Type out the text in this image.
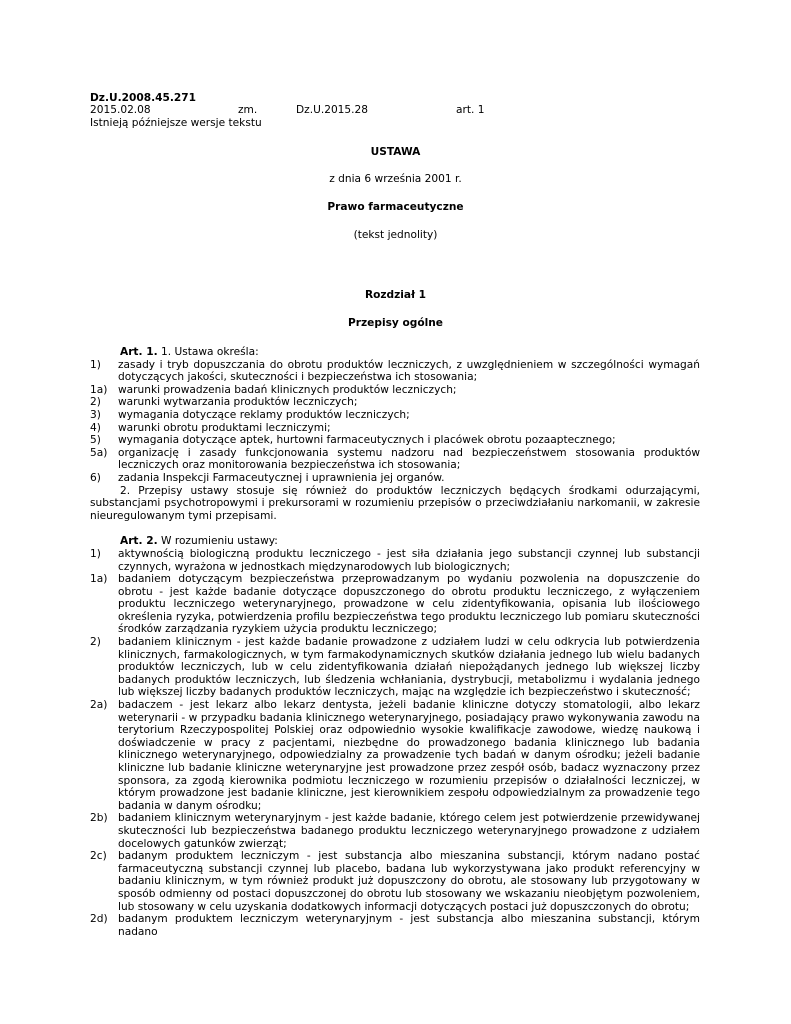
Dz.U.2008.45.271
2015.02.08	zm.	Dz.U.2015.28	art. 1
Istnieją późniejsze wersje tekstu
USTAWA
z dnia 6 września 2001 r.
Prawo farmaceutyczne
(tekst jednolity)
Rozdział 1
Przepisy ogólne
Art. 1. 1. Ustawa określa:
1)	zasady i tryb dopuszczania do obrotu produktów leczniczych, z uwzględnieniem w szczególności wymagań dotyczących jakości, skuteczności i bezpieczeństwa ich stosowania;
1a)	warunki prowadzenia badań klinicznych produktów leczniczych;
2)	warunki wytwarzania produktów leczniczych;
3)	wymagania dotyczące reklamy produktów leczniczych;
4)	warunki obrotu produktami leczniczymi;
5)	wymagania dotyczące aptek, hurtowni farmaceutycznych i placówek obrotu pozaaptecznego;
5a)	organizację i zasady funkcjonowania systemu nadzoru nad bezpieczeństwem stosowania produktów leczniczych oraz monitorowania bezpieczeństwa ich stosowania;
6)	zadania Inspekcji Farmaceutycznej i uprawnienia jej organów.
2. Przepisy ustawy stosuje się również do produktów leczniczych będących środkami odurzającymi, substancjami psychotropowymi i prekursorami w rozumieniu przepisów o przeciwdziałaniu narkomanii, w zakresie nieuregulowanym tymi przepisami.
Art. 2. W rozumieniu ustawy:
1)	aktywnością biologiczną produktu leczniczego - jest siła działania jego substancji czynnej lub substancji czynnych, wyrażona w jednostkach międzynarodowych lub biologicznych;
1a)	badaniem dotyczącym bezpieczeństwa przeprowadzanym po wydaniu pozwolenia na dopuszczenie do obrotu - jest każde badanie dotyczące dopuszczonego do obrotu produktu leczniczego, z wyłączeniem produktu leczniczego weterynaryjnego, prowadzone w celu zidentyfikowania, opisania lub ilościowego określenia ryzyka, potwierdzenia profilu bezpieczeństwa tego produktu leczniczego lub pomiaru skuteczności środków zarządzania ryzykiem użycia produktu leczniczego;
2)	badaniem klinicznym - jest każde badanie prowadzone z udziałem ludzi w celu odkrycia lub potwierdzenia klinicznych, farmakologicznych, w tym farmakodynamicznych skutków działania jednego lub wielu badanych produktów leczniczych, lub w celu zidentyfikowania działań niepożądanych jednego lub większej liczby badanych produktów leczniczych, lub śledzenia wchłaniania, dystrybucji, metabolizmu i wydalania jednego lub większej liczby badanych produktów leczniczych, mając na względzie ich bezpieczeństwo i skuteczność;
2a)	badaczem - jest lekarz albo lekarz dentysta, jeżeli badanie kliniczne dotyczy stomatologii, albo lekarz weterynarii - w przypadku badania klinicznego weterynaryjnego, posiadający prawo wykonywania zawodu na terytorium Rzeczypospolitej Polskiej oraz odpowiednio wysokie kwalifikacje zawodowe, wiedzę naukową i doświadczenie w pracy z pacjentami, niezbędne do prowadzonego badania klinicznego lub badania klinicznego weterynaryjnego, odpowiedzialny za prowadzenie tych badań w danym ośrodku; jeżeli badanie kliniczne lub badanie kliniczne weterynaryjne jest prowadzone przez zespół osób, badacz wyznaczony przez sponsora, za zgodą kierownika podmiotu leczniczego w rozumieniu przepisów o działalności leczniczej, w którym prowadzone jest badanie kliniczne, jest kierownikiem zespołu odpowiedzialnym za prowadzenie tego badania w danym ośrodku;
2b) badaniem klinicznym weterynaryjnym - jest każde badanie, którego celem jest potwierdzenie przewidywanej skuteczności lub bezpieczeństwa badanego produktu leczniczego weterynaryjnego prowadzone z udziałem docelowych gatunków zwierząt;
2c)	badanym produktem leczniczym - jest substancja albo mieszanina substancji, którym nadano postać farmaceutyczną substancji czynnej lub placebo, badana lub wykorzystywana jako produkt referencyjny w badaniu klinicznym, w tym również produkt już dopuszczony do obrotu, ale stosowany lub przygotowany w sposób odmienny od postaci dopuszczonej do obrotu lub stosowany we wskazaniu nieobjętym pozwoleniem, lub stosowany w celu uzyskania dodatkowych informacji dotyczących postaci już dopuszczonych do obrotu;
2d) badanym produktem leczniczym weterynaryjnym - jest substancja albo mieszanina substancji, którym nadano
